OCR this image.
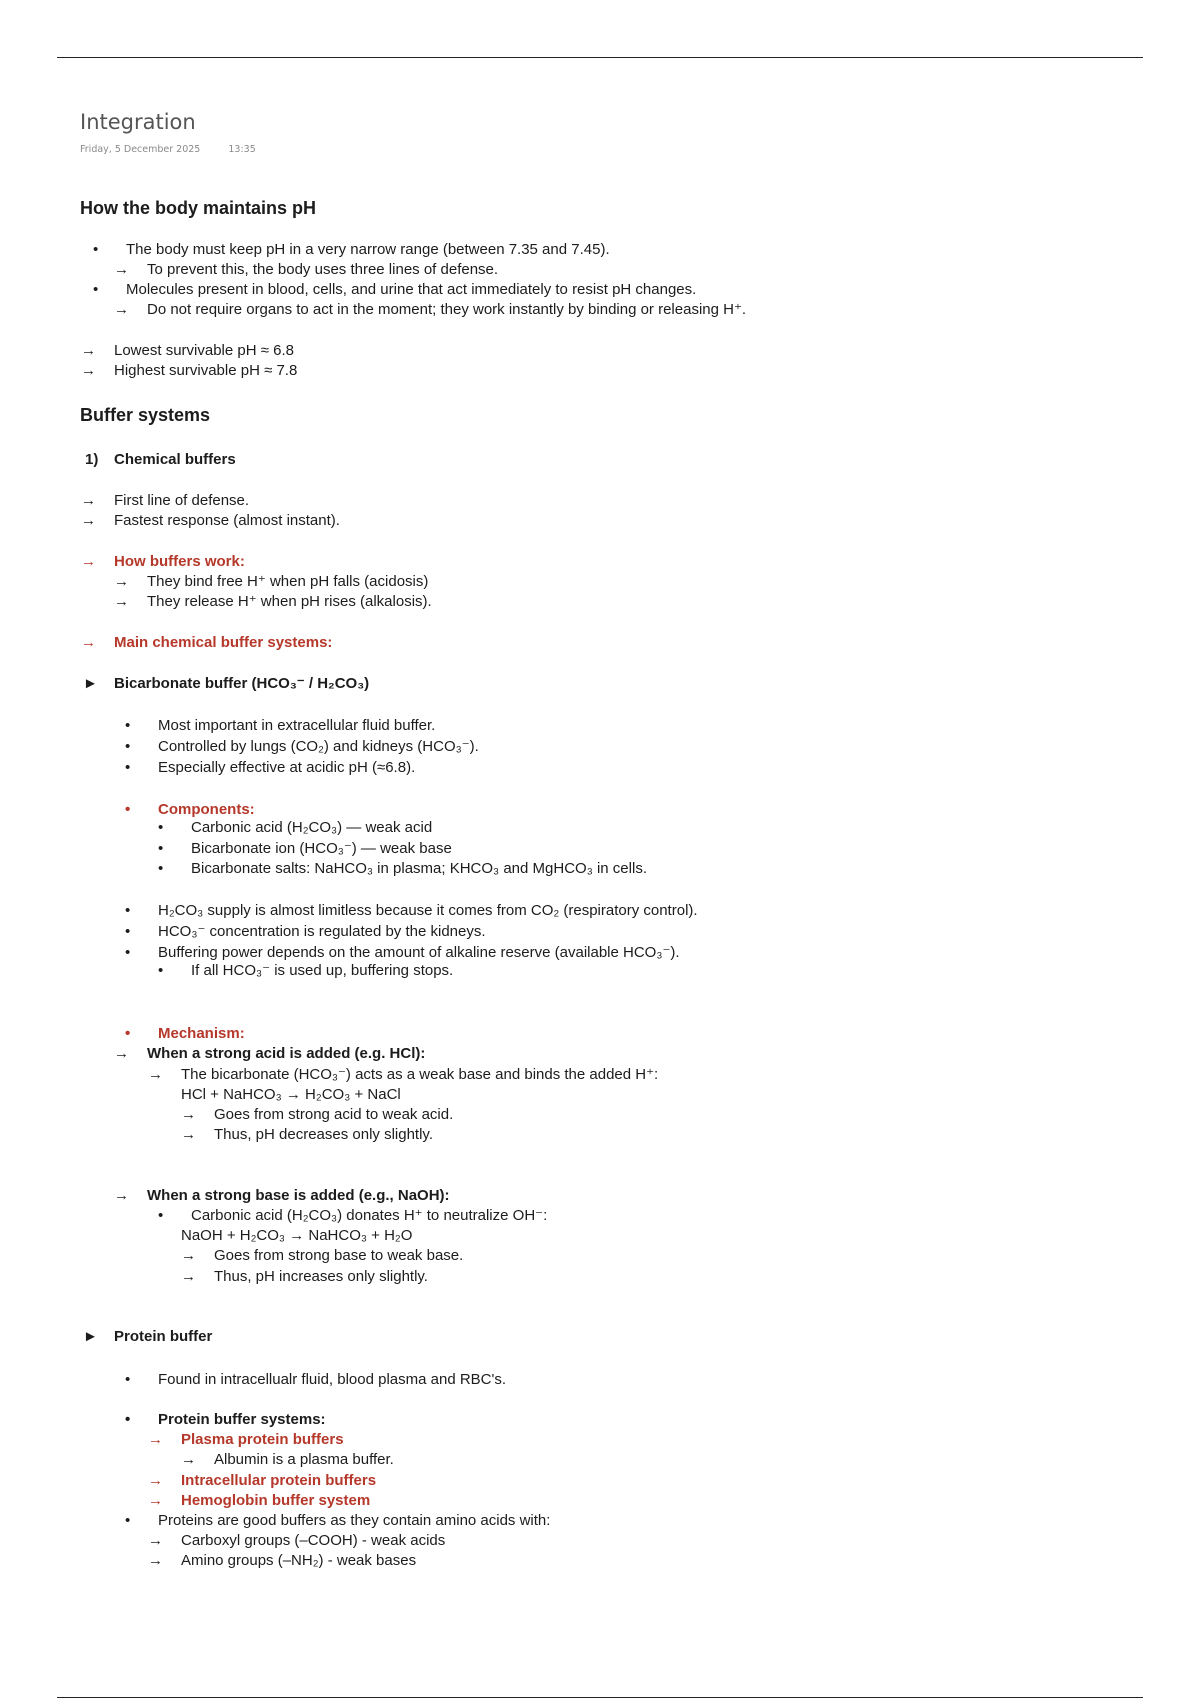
Integration
Friday, 5 December 2025	13:35
How the body maintains pH
•The body must keep pH in a very narrow range (between 7.35 and 7.45).
→ To prevent this, the body uses three lines of defense.
•Molecules present in blood, cells, and urine that act immediately to resist pH changes.
→ Do not require organs to act in the moment; they work instantly by binding or releasing H⁺.
→ Lowest survivable pH ≈ 6.8
→ Highest survivable pH ≈ 7.8
Buffer systems
1) Chemical buffers
→ First line of defense.
→ Fastest response (almost instant).
→ How buffers work:
→ They bind free H⁺ when pH falls (acidosis)
→ They release H⁺ when pH rises (alkalosis).
→ Main chemical buffer systems:
► Bicarbonate buffer (HCO₃⁻ / H₂CO₃)
•Most important in extracellular fluid buffer.
•Controlled by lungs (CO₂) and kidneys (HCO₃⁻).
•Especially effective at acidic pH (≈6.8).
•Components:
•Carbonic acid (H₂CO₃) — weak acid
•Bicarbonate ion (HCO₃⁻) — weak base
•Bicarbonate salts: NaHCO₃ in plasma; KHCO₃ and MgHCO₃ in cells.
•H₂CO₃ supply is almost limitless because it comes from CO₂ (respiratory control).
•HCO₃⁻ concentration is regulated by the kidneys.
•Buffering power depends on the amount of alkaline reserve (available HCO₃⁻).
•If all HCO₃⁻ is used up, buffering stops.
•Mechanism:
→ When a strong acid is added (e.g. HCl):
→ The bicarbonate (HCO₃⁻) acts as a weak base and binds the added H⁺:
HCl + NaHCO₃ → H₂CO₃ + NaCl
→ Goes from strong acid to weak acid.
→ Thus, pH decreases only slightly.
→ When a strong base is added (e.g., NaOH):
•Carbonic acid (H₂CO₃) donates H⁺ to neutralize OH⁻:
NaOH + H₂CO₃ → NaHCO₃ + H₂O
→ Goes from strong base to weak base.
→ Thus, pH increases only slightly.
► Protein buffer
•Found in intracellualr fluid, blood plasma and RBC's.
•Protein buffer systems:
→ Plasma protein buffers
→ Albumin is a plasma buffer.
→ Intracellular protein buffers
→ Hemoglobin buffer system
•Proteins are good buffers as they contain amino acids with:
→ Carboxyl groups (–COOH) - weak acids
→ Amino groups (–NH₂) - weak bases
